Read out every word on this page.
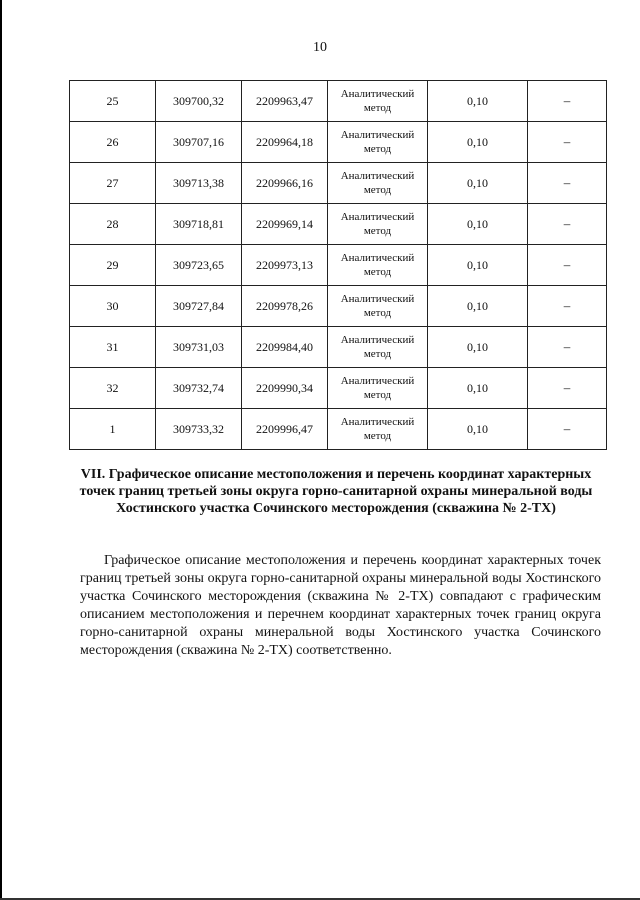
10
25	309700,32	2209963,47	Аналитический метод	0,10	–
26	309707,16	2209964,18	Аналитический метод	0,10	–
27	309713,38	2209966,16	Аналитический метод	0,10	–
28	309718,81	2209969,14	Аналитический метод	0,10	–
29	309723,65	2209973,13	Аналитический метод	0,10	–
30	309727,84	2209978,26	Аналитический метод	0,10	–
31	309731,03	2209984,40	Аналитический метод	0,10	–
32	309732,74	2209990,34	Аналитический метод	0,10	–
1	309733,32	2209996,47	Аналитический метод	0,10	–

VII. Графическое описание местоположения и перечень координат характерных точек границ третьей зоны округа горно-санитарной охраны минеральной воды Хостинского участка Сочинского месторождения (скважина № 2-ТХ)

Графическое описание местоположения и перечень координат характерных точек границ третьей зоны округа горно-санитарной охраны минеральной воды Хостинского участка Сочинского месторождения (скважина № 2-ТХ) совпадают с графическим описанием местоположения и перечнем координат характерных точек границ округа горно-санитарной охраны минеральной воды Хостинского участка Сочинского месторождения (скважина № 2-ТХ) соответственно.
